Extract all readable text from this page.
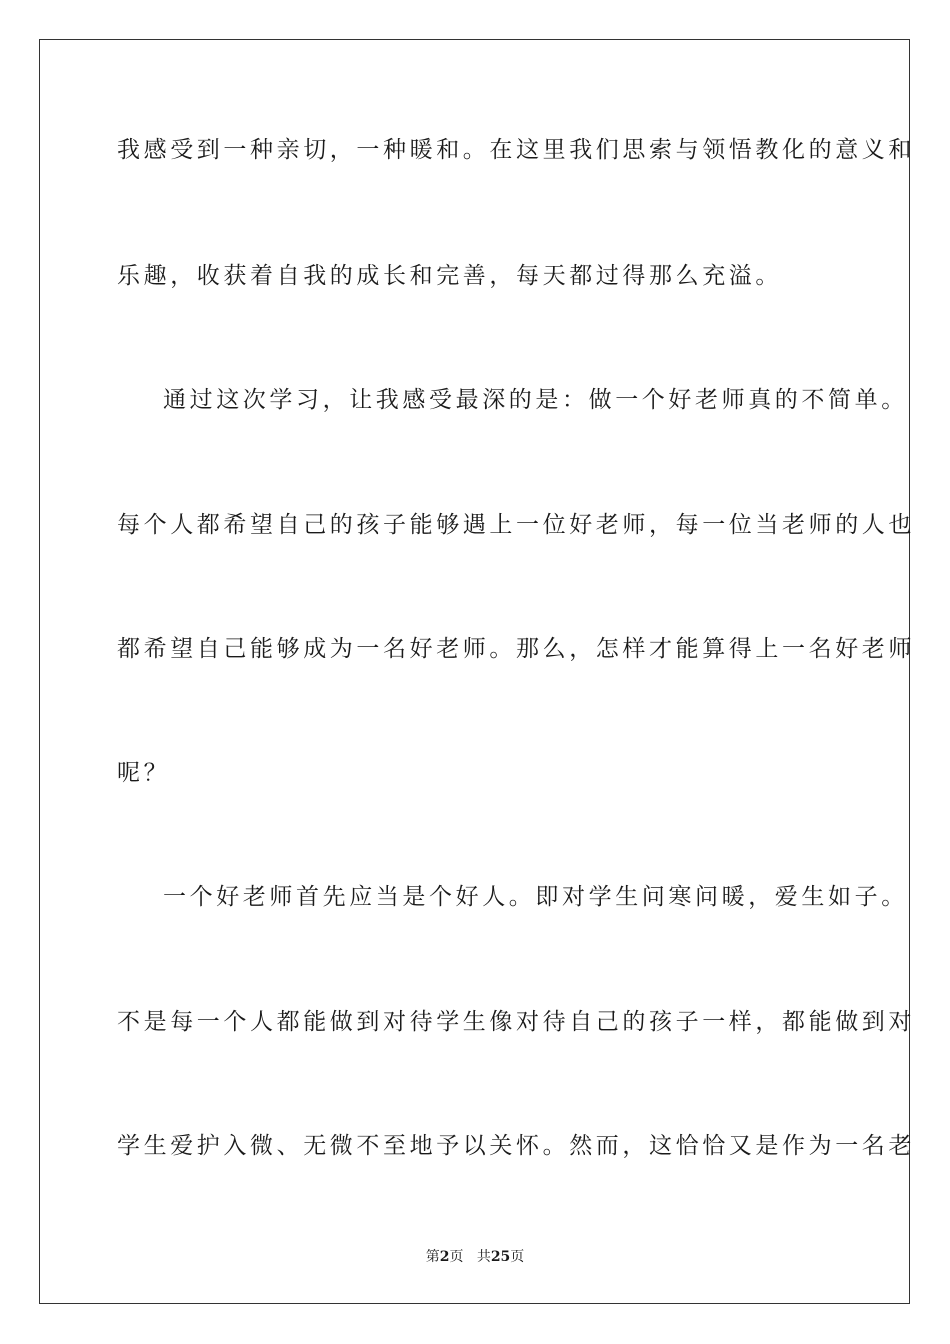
我感受到一种亲切，一种暖和。在这里我们思索与领悟教化的意义和
乐趣，收获着自我的成长和完善，每天都过得那么充溢。
通过这次学习，让我感受最深的是：做一个好老师真的不简单。
每个人都希望自己的孩子能够遇上一位好老师，每一位当老师的人也
都希望自己能够成为一名好老师。那么，怎样才能算得上一名好老师
呢？
一个好老师首先应当是个好人。即对学生问寒问暖，爱生如子。
不是每一个人都能做到对待学生像对待自己的孩子一样，都能做到对
学生爱护入微、无微不至地予以关怀。然而，这恰恰又是作为一名老
第2页 共25页
